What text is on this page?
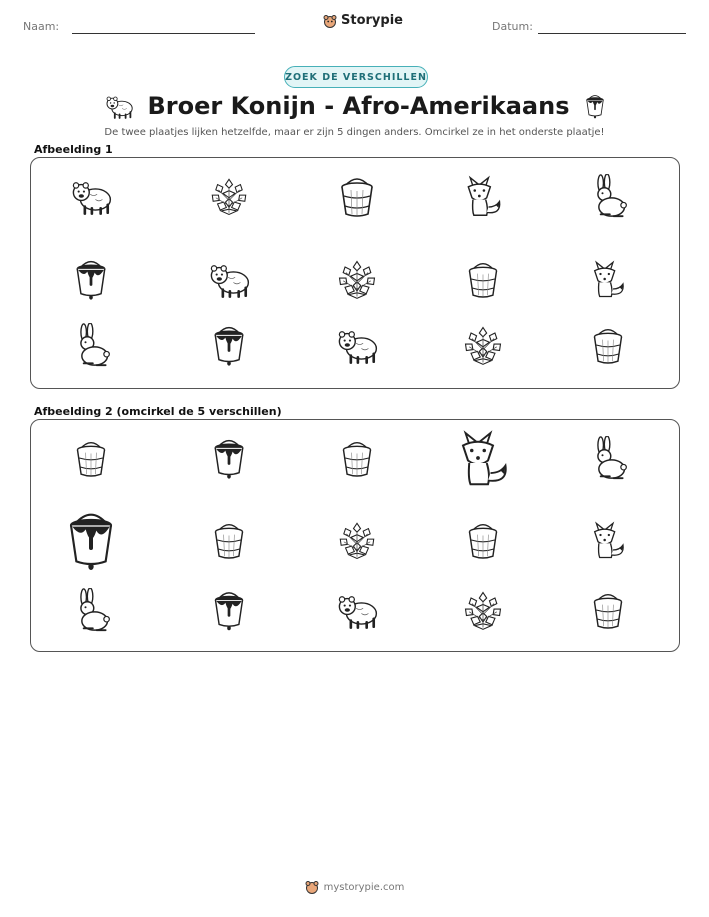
Naam:	Storypie	Datum:
ZOEK DE VERSCHILLEN
Broer Konijn - Afro-Amerikaans
De twee plaatjes lijken hetzelfde, maar er zijn 5 dingen anders. Omcirkel ze in het onderste plaatje!
Afbeelding 1
Afbeelding 2 (omcirkel de 5 verschillen)
mystorypie.com
